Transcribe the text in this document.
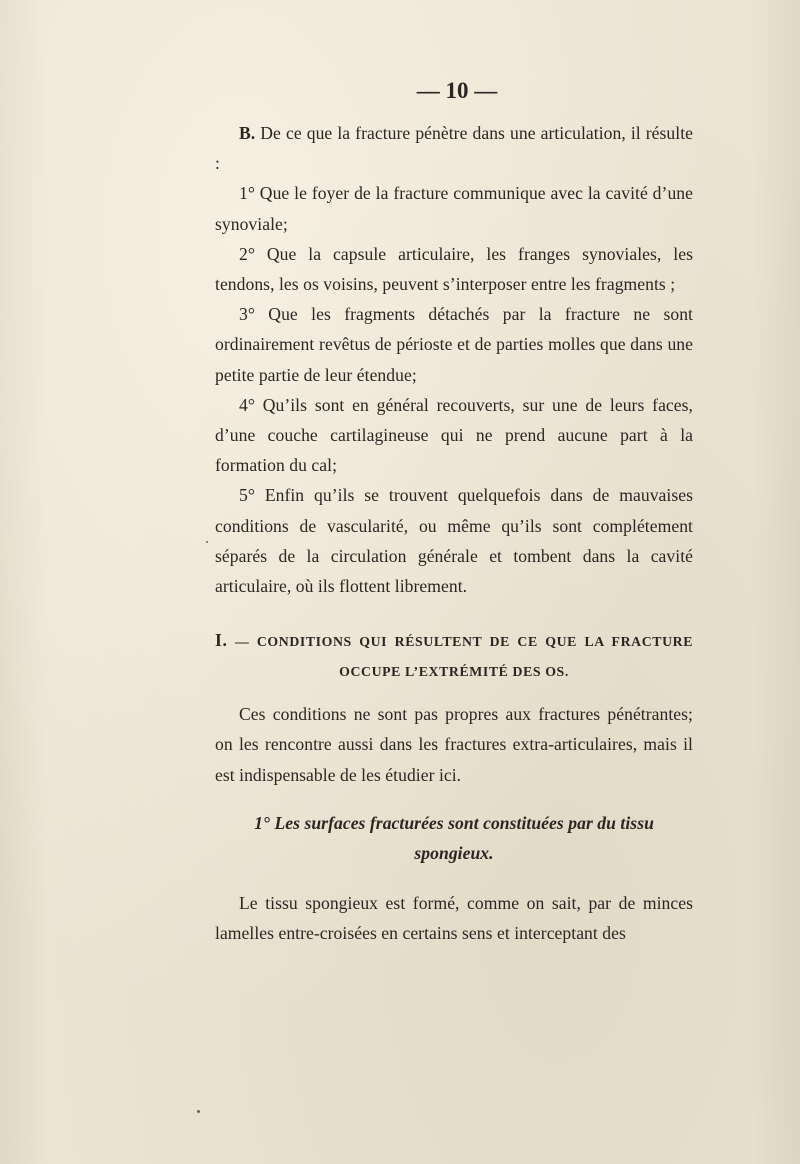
— 10 —

B. De ce que la fracture pénètre dans une articulation, il résulte :

1° Que le foyer de la fracture communique avec la cavité d’une synoviale;

2° Que la capsule articulaire, les franges synoviales, les tendons, les os voisins, peuvent s’interposer entre les fragments ;

3° Que les fragments détachés par la fracture ne sont ordinairement revêtus de périoste et de parties molles que dans une petite partie de leur étendue;

4° Qu’ils sont en général recouverts, sur une de leurs faces, d’une couche cartilagineuse qui ne prend aucune part à la formation du cal;

5° Enfin qu’ils se trouvent quelquefois dans de mauvaises conditions de vascularité, ou même qu’ils sont complétement séparés de la circulation générale et tombent dans la cavité articulaire, où ils flottent librement.

I. — CONDITIONS QUI RÉSULTENT DE CE QUE LA FRACTURE
OCCUPE L’EXTRÉMITÉ DES OS.

Ces conditions ne sont pas propres aux fractures pénétrantes; on les rencontre aussi dans les fractures extra-articulaires, mais il est indispensable de les étudier ici.

1° Les surfaces fracturées sont constituées par du tissu
spongieux.

Le tissu spongieux est formé, comme on sait, par de minces lamelles entre-croisées en certains sens et interceptant des
